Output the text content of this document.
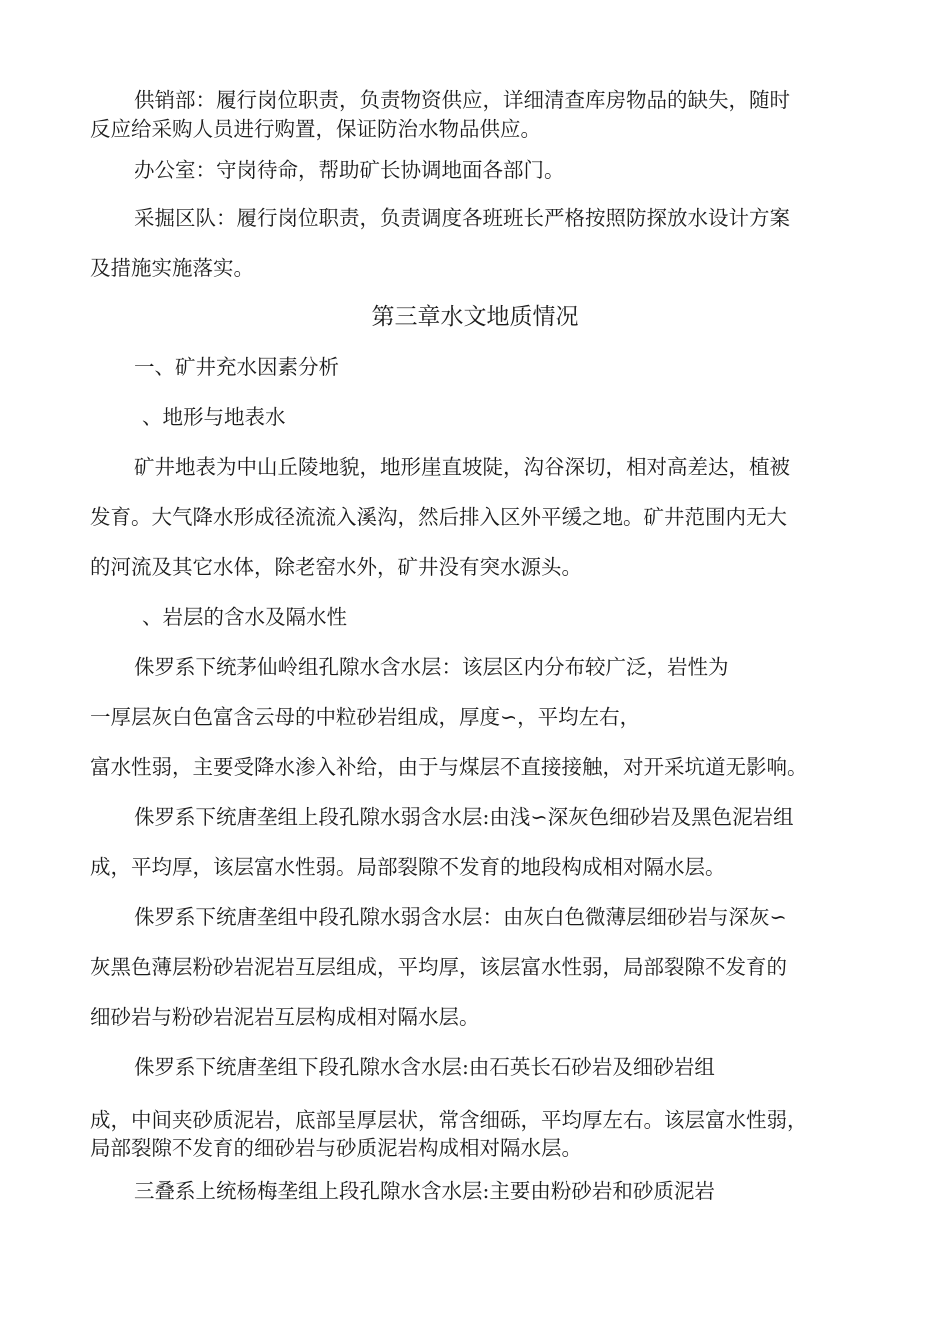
供销部：履行岗位职责，负责物资供应，详细清查库房物品的缺失，随时
反应给采购人员进行购置，保证防治水物品供应。
办公室：守岗待命，帮助矿长协调地面各部门。
采掘区队：履行岗位职责，负责调度各班班长严格按照防探放水设计方案
及措施实施落实。
第三章水文地质情况
一、矿井充水因素分析
、地形与地表水
矿井地表为中山丘陵地貌，地形崖直坡陡，沟谷深切，相对高差达，植被
发育。大气降水形成径流流入溪沟，然后排入区外平缓之地。矿井范围内无大
的河流及其它水体，除老窑水外，矿井没有突水源头。
、岩层的含水及隔水性
侏罗系下统茅仙岭组孔隙水含水层：该层区内分布较广泛，岩性为
一厚层灰白色富含云母的中粒砂岩组成，厚度∽，平均左右，
富水性弱，主要受降水渗入补给，由于与煤层不直接接触，对开采坑道无影响。
侏罗系下统唐垄组上段孔隙水弱含水层:由浅∽深灰色细砂岩及黑色泥岩组
成，平均厚，该层富水性弱。局部裂隙不发育的地段构成相对隔水层。
侏罗系下统唐垄组中段孔隙水弱含水层：由灰白色微薄层细砂岩与深灰∽
灰黑色薄层粉砂岩泥岩互层组成，平均厚，该层富水性弱，局部裂隙不发育的
细砂岩与粉砂岩泥岩互层构成相对隔水层。
侏罗系下统唐垄组下段孔隙水含水层:由石英长石砂岩及细砂岩组
成，中间夹砂质泥岩，底部呈厚层状，常含细砾，平均厚左右。该层富水性弱，
局部裂隙不发育的细砂岩与砂质泥岩构成相对隔水层。
三叠系上统杨梅垄组上段孔隙水含水层:主要由粉砂岩和砂质泥岩
